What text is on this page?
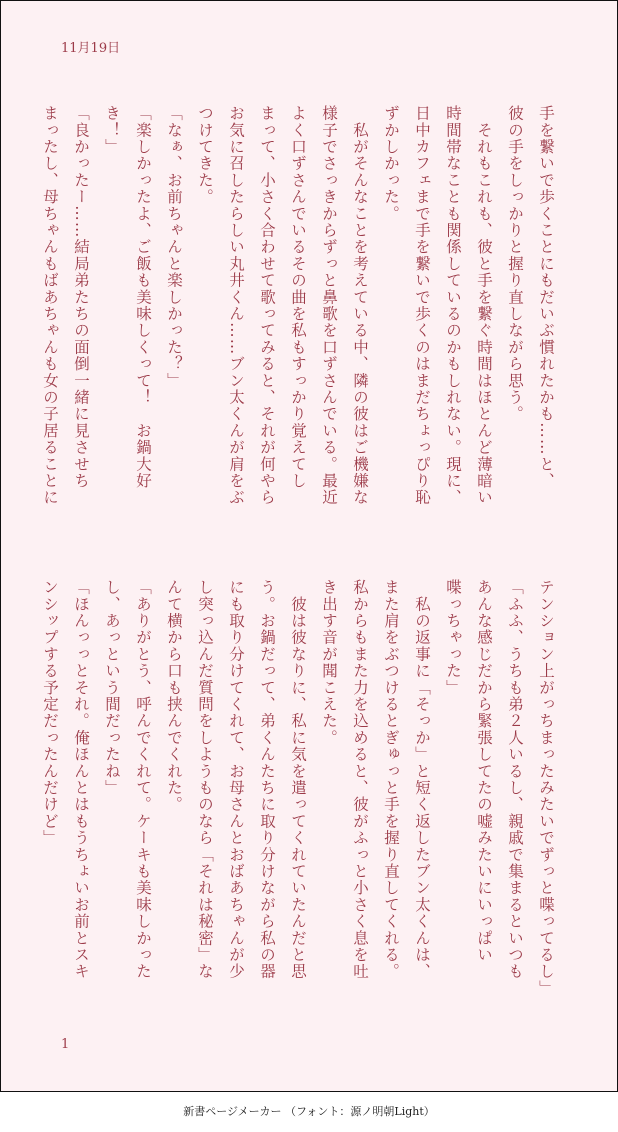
11月19日

手を繋いで歩くことにもだいぶ慣れたかも……と、

彼の手をしっかりと握り直しながら思う。

　それもこれも、彼と手を繋ぐ時間はほとんど薄暗い

時間帯なことも関係しているのかもしれない。現に、

日中カフェまで手を繋いで歩くのはまだちょっぴり恥

ずかしかった。

　私がそんなことを考えている中、隣の彼はご機嫌な

様子でさっきからずっと鼻歌を口ずさんでいる。最近

よく口ずさんでいるその曲を私もすっかり覚えてし

まって、小さく合わせて歌ってみると、それが何やら

お気に召したらしい丸井くん……ブン太くんが肩をぶ

つけてきた。

「なぁ、お前ちゃんと楽しかった？」

「楽しかったよ、ご飯も美味しくって！　お鍋大好

き！」

「良かったー……結局弟たちの面倒一緒に見させち

まったし、母ちゃんもばあちゃんも女の子居ることに

テンション上がっちまったみたいでずっと喋ってるし」

「ふふ、うちも弟２人いるし、親戚で集まるといつも

あんな感じだから緊張してたの嘘みたいにいっぱい

喋っちゃった」

　私の返事に「そっか」と短く返したブン太くんは、

また肩をぶつけるとぎゅっと手を握り直してくれる。

私からもまた力を込めると、彼がふっと小さく息を吐

き出す音が聞こえた。

　彼は彼なりに、私に気を遣ってくれていたんだと思

う。お鍋だって、弟くんたちに取り分けながら私の器

にも取り分けてくれて、お母さんとおばあちゃんが少

し突っ込んだ質問をしようものなら「それは秘密」な

んて横から口も挟んでくれた。

「ありがとう、呼んでくれて。ケーキも美味しかった

し、あっという間だったね」

「ほんっっとそれ。俺ほんとはもうちょいお前とスキ

ンシップする予定だったんだけど」

1
新書ページメーカー （フォント：源ノ明朝Light）
